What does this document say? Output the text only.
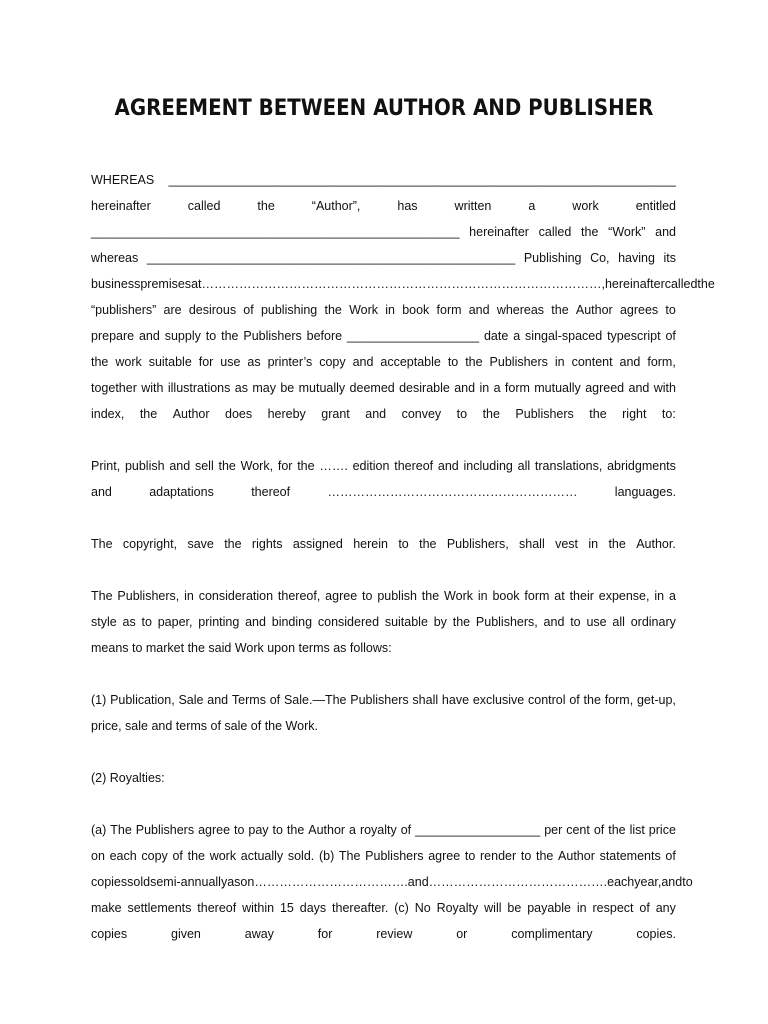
AGREEMENT BETWEEN AUTHOR AND PUBLISHER
WHEREAS _________________________________________________________________________
hereinafter	called	the	“Author”,	has	written	a	work	entitled
_____________________________________________________ hereinafter called the “Work” and
whereas _____________________________________________________ Publishing Co, having its
business premises at……………………………………………………………………………………, hereinafter called the
“publishers” are desirous of publishing the Work in book form and whereas the Author agrees to
prepare and supply to the Publishers before ___________________ date a singal-spaced typescript of
the work suitable for use as printer’s copy and acceptable to the Publishers in content and form,
together with illustrations as may be mutually deemed desirable and in a form mutually agreed and with
index, the Author does hereby grant and convey to the Publishers the right to:
Print, publish and sell the Work, for the ……. edition thereof and including all translations, abridgments
and	adaptations	thereof	……………………………………………………	languages.
The copyright, save the rights assigned herein to the Publishers, shall vest in the Author.
The Publishers, in consideration thereof, agree to publish the Work in book form at their expense, in a
style as to paper, printing and binding considered suitable by the Publishers, and to use all ordinary
means to market the said Work upon terms as follows:
(1) Publication, Sale and Terms of Sale.—The Publishers shall have exclusive control of the form, get-up,
price, sale and terms of sale of the Work.
(2) Royalties:
(a) The Publishers agree to pay to the Author a royalty of __________________ per cent of the list price
on each copy of the work actually sold. (b) The Publishers agree to render to the Author statements of
copies sold semi-annually as on ……………………………….and ……………………………………. each year, and to
make settlements thereof within 15 days thereafter. (c) No Royalty will be payable in respect of any
copies	given	away	for	review	or	complimentary	copies.
